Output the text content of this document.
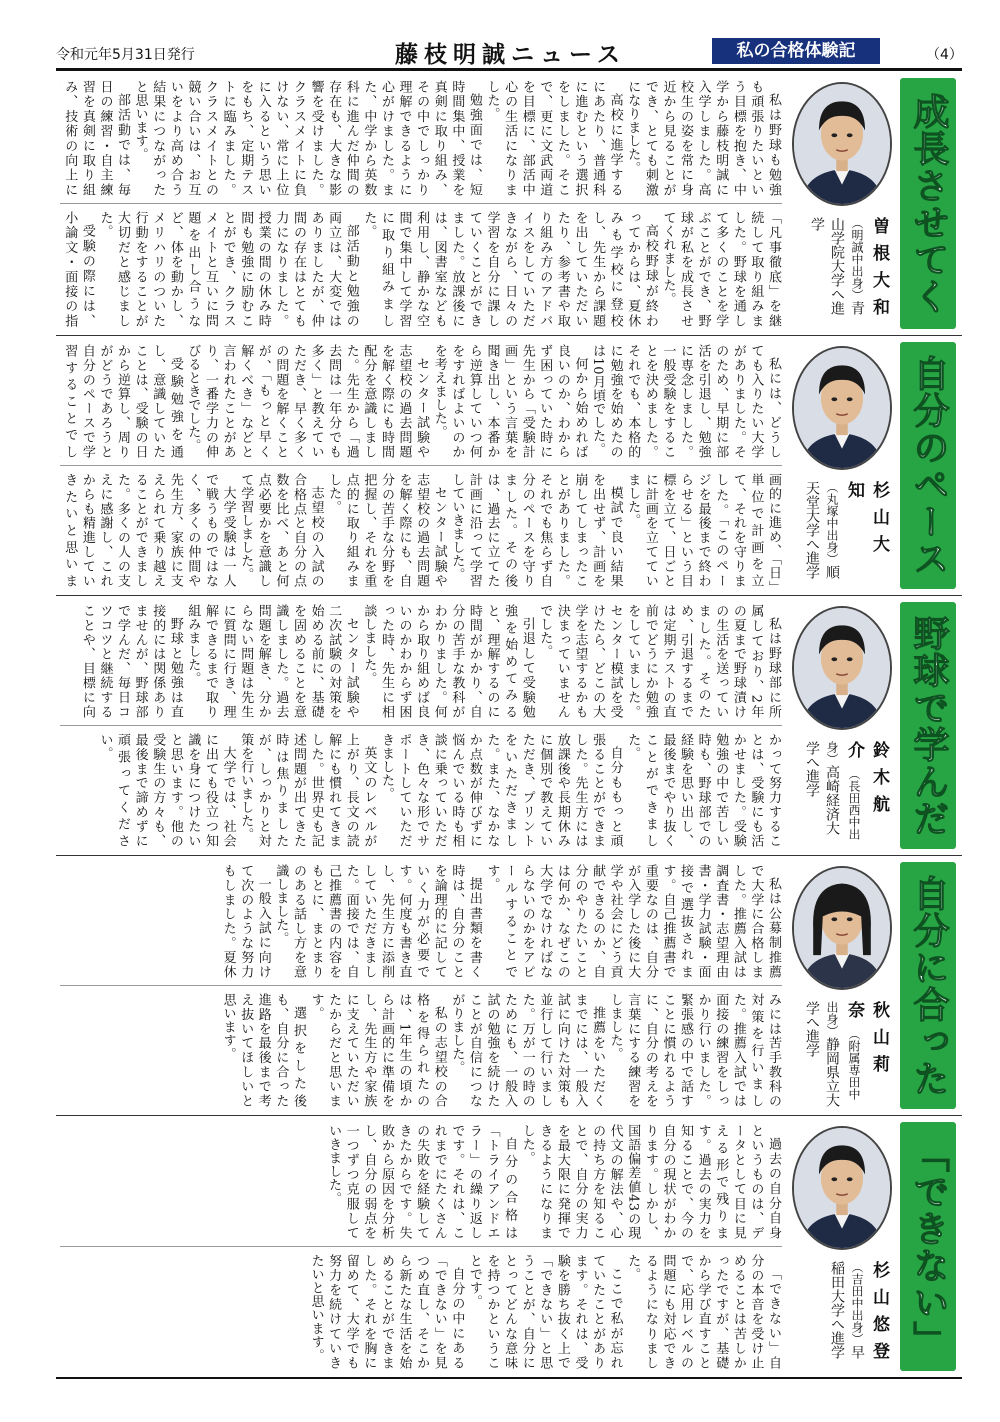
令和元年5月31日発行	藤枝明誠ニュース	私の合格体験記	（4）
成長させてく
曽根大和（明誠中出身）青山学院大学へ進学

私は野球も勉強も頑張りたいという目標を抱き、中学から藤枝明誠に入学しました。高校生の姿を常に身近から見ることができ、とても刺激になりました。

高校に進学するにあたり、普通科に進むという選択をしました。そこで、更に文武両道を目標に、部活中心の生活になりました。

勉強面では、短時間集中、授業を真剣に取り組み、その中でしっかり理解できるように心がけました。また、中学から英数科に進んだ仲間の存在も、大きな影響を受けました。クラスメイトに負けない、常に上位に入るという思いをもち、定期テストに臨みました。クラスメイトとの競い合いは、お互いをより高め合う結果につながったと思います。

部活動では、毎日の練習・自主練習を真剣に取り組み、技術の向上に

「凡事徹底」を継続して取り組みました。野球を通して多くのことを学ぶことができ、野球が私を成長させてくれました。

高校野球が終わってからは、夏休みも学校に登校し、先生から課題を出していただいたり、参考書や取り組み方のアドバイスをしていただきながら、日々の学習を自分に課していくことができました。放課後には、図書室なども利用し、静かな空間で集中して学習に取り組みました。

部活動と勉強の両立は、大変ではありましたが、仲間の存在はとても力になりました。授業の間の休み時間も勉強に励むことができ、クラスメイトと互いに問題を出し合うなど、体を動かし、メリハリのついた行動をすることが大切だと感じました。

受験の際には、小論文・面接の指

自分のペース
杉山大知（丸塚中出身）順天堂大学へ進学

私には、どうしても入りたい大学がありました。そのため、早期に部活を引退し、勉強に専念しました。一般受験をすることを決めました。それでも、本格的に勉強を始めたのは10月頃でした。

何から始めれば良いのか、わからず困っていた時に先生から「受験計画」という言葉を聞き出し、本番から逆算していつ何をすればよいのかを考えました。

センター試験や志望校の過去問題を解く際にも時間配分を意識しました。先生から「過去問は一年分でも多く」と教えていただき、早く多くの問題を解くことが、「もっと早く解くべき」などと言われたことがあり、一番学力の伸びるときでした。

受験勉強を通し、意識していたことは、受験の日から逆算し、周りがどうであろうと自分のペースで学習することでし 画的に進め、「日」単位で計画を立て、それを守りました。「このページを最後まで終わらせる」という目標を立て、日ごとに計画を立てていました。

模試で良い結果を出せず、計画を崩してしまったことがありました。それでも焦らず自分のペースを守りました。その後は、過去に立てた計画に沿って学習していきました。

センター試験や志望校の過去問題を解く際にも、自分の苦手な分野を把握し、それを重点的に取り組みました。

志望校の入試の合格点と自分の点数を比べ、あと何点必要かを意識して学習しました。

大学受験は一人で戦うものではなく、多くの仲間や先生方、家族に支えられて乗り越えることができました。多くの人の支えに感謝し、これからも精進していきたいと思いま

野球で学んだ
鈴木航介（長田西中出身）高崎経済大学へ進学

私は野球部に所属しており、2年の夏まで野球漬けの生活を送っていました。そのため、引退するまでは定期テストの直前でどうにか勉強をしていました。センター模試を受けたら、どこの大学を志望するかも決まっていませんでした。

引退して受験勉強を始めてみると、理解するのに時間がかかり、自分の苦手な教科がわかりました。何から取り組めば良いのかわからず困った時、先生に相談しました。

センター試験や二次試験の対策を始める前に、基礎を固めることを意識しました。過去問題を解き、分からない問題は先生に質問に行き、理解できるまで取り組みました。

野球と勉強は直接的には関係ありませんが、野球部で学んだ、毎日コツコツと継続することや、目標に向かって努力することは、受験にも活かせました。受験勉強の中で苦しい時も、野球部での経験を思い出し、最後までやり抜くことができました。

自分ももっと頑張ることができました。先生方には放課後や長期休みに個別で教えていただき、プリントをいただきました。また、なかなか点数が伸びずに悩んでいる時も相談に乗っていただき、色々な形でサポートしていただきました。

英文のレベルが上がり、長文の読解にも慣れてきました。世界史も記述問題が出てきた時は焦りましたが、しっかりと対策を行いました。

大学では、社会に出ても役立つ知識を身につけたいと思います。他の受験生の方々も、最後まで諦めずに頑張ってください。

自分に合った
秋山莉奈（附属専田中出身）静岡県立大学へ進学

私は公募制推薦で大学に合格しました。推薦入試は調査書・志望理由書・学力試験・面接で選抜されます。自己推薦書で重要なのは、自分が入学した後に大学や社会にどう貢献できるのか、自分のやりたいことは何か、なぜこの大学でなければならないのかをアピールすることです。

提出書類を書く時は、自分のことを論理的に記していく力が必要です。何度も書き直し、先生方に添削していただきました。面接では、自己推薦書の内容をもとに、まとまりのある話し方を意識しました。

一般入試に向けて次のような努力もしました。夏休みには苦手教科の対策を行いました。推薦入試では面接の練習をしっかり行いました。緊張感の中で話すことに慣れるように、自分の考えを言葉にする練習をしました。

推薦をいただくまでには、一般入試に向けた対策も並行して行いました。万が一の時のためにも、一般入試の勉強を続けたことが自信につながりました。

私の志望校の合格を得られたのは、1年生の頃から計画的に準備をし、先生方や家族に支えていただいたからだと思います。

選択をした後も、自分に合った進路を最後まで考え抜いてほしいと思います。

「できない」
杉山悠登（吉田中出身）早稲田大学へ進学

過去の自分自身というものは、データとして目に見える形で残ります。過去の実力を知ることで、今の自分の現状がわかります。しかし、国語偏差値43の現代文の解法や、心の持ち方を知ることで、自分の実力を最大限に発揮できるようになりました。

自分の合格は「トライアンドエラー」の繰り返しです。それは、これまでにたくさんの失敗を経験してきたからです。失敗から原因を分析し、自分の弱点を一つずつ克服していきました。

「できない」自分の本音を受け止めることは苦しかったですが、基礎から学び直すことで、応用レベルの問題にも対応できるようになりました。

ここで私が忘れていたことがあります。それは、受験を勝ち抜く上で「できない」と思うことが、自分にとってどんな意味を持つかということです。

自分の中にある「できない」を見つめ直し、そこから新たな生活を始めることができました。それを胸に留めて、大学でも努力を続けていきたいと思います。
